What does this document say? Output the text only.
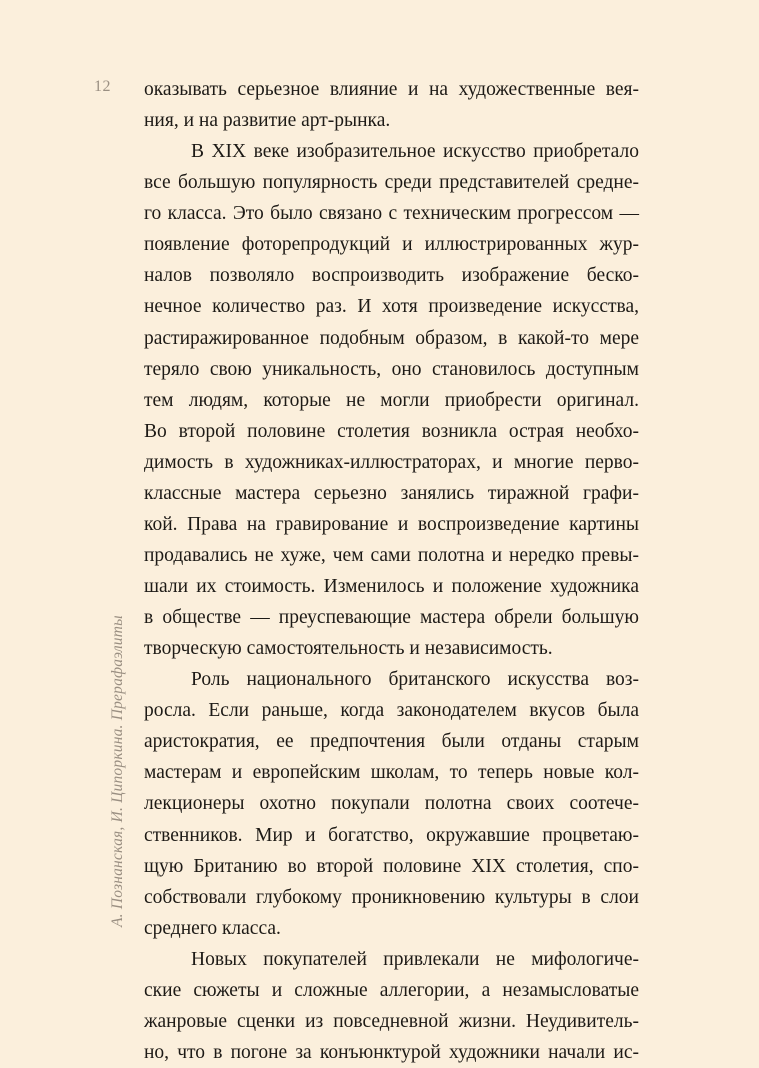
12
А. Познанская, И. Ципоркина. Прерафаэлиты
оказывать серьезное влияние и на художественные вея-
ния, и на развитие арт-рынка.
В XIX веке изобразительное искусство приобретало
все большую популярность среди представителей средне-
го класса. Это было связано с техническим прогрессом —
появление фоторепродукций и иллюстрированных жур-
налов позволяло воспроизводить изображение беско-
нечное количество раз. И хотя произведение искусства,
растиражированное подобным образом, в какой-то мере
теряло свою уникальность, оно становилось доступным
тем людям, которые не могли приобрести оригинал.
Во второй половине столетия возникла острая необхо-
димость в художниках-иллюстраторах, и многие перво-
классные мастера серьезно занялись тиражной графи-
кой. Права на гравирование и воспроизведение картины
продавались не хуже, чем сами полотна и нередко превы-
шали их стоимость. Изменилось и положение художника
в обществе — преуспевающие мастера обрели большую
творческую самостоятельность и независимость.
Роль национального британского искусства воз-
росла. Если раньше, когда законодателем вкусов была
аристократия, ее предпочтения были отданы старым
мастерам и европейским школам, то теперь новые кол-
лекционеры охотно покупали полотна своих соотече-
ственников. Мир и богатство, окружавшие процветаю-
щую Британию во второй половине XIX столетия, спо-
собствовали глубокому проникновению культуры в слои
среднего класса.
Новых покупателей привлекали не мифологиче-
ские сюжеты и сложные аллегории, а незамысловатые
жанровые сценки из повседневной жизни. Неудивитель-
но, что в погоне за конъюнктурой художники начали ис-
